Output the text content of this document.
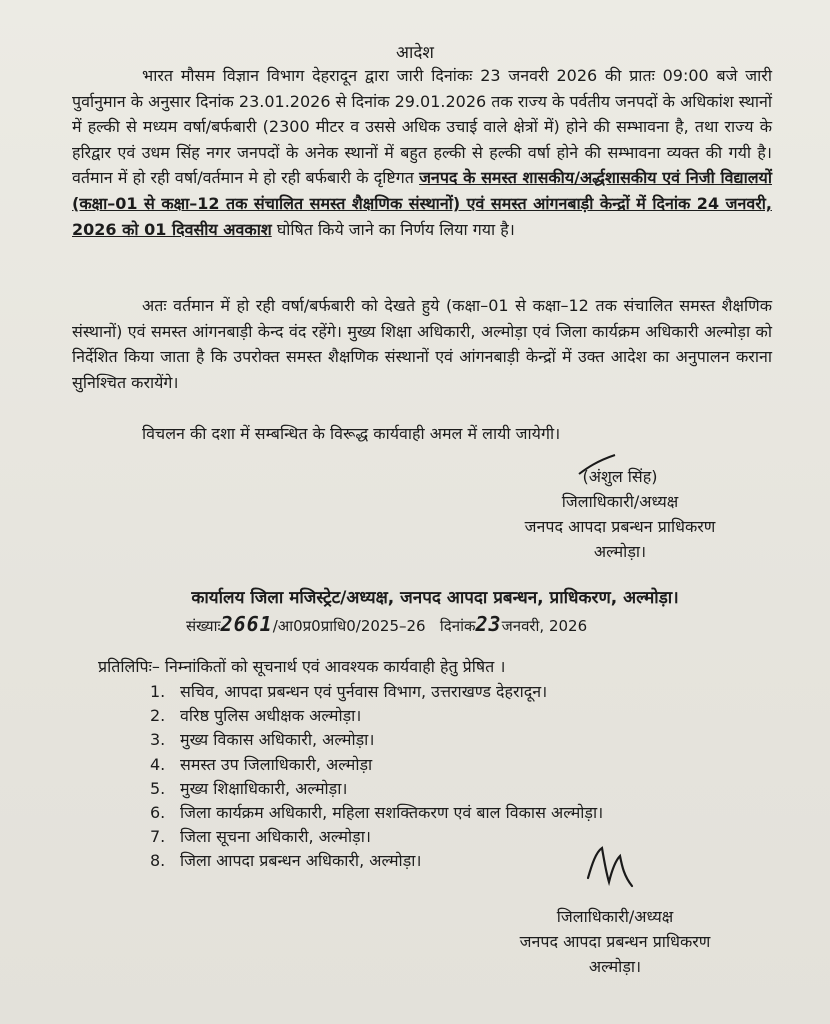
आदेश
भारत मौसम विज्ञान विभाग देहरादून द्वारा जारी दिनांकः 23 जनवरी 2026 की प्रातः 09:00 बजे जारी पुर्वानुमान के अनुसार दिनांक 23.01.2026 से दिनांक 29.01.2026 तक राज्य के पर्वतीय जनपदों के अधिकांश स्थानों में हल्की से मध्यम वर्षा/बर्फबारी (2300 मीटर व उससे अधिक उचाई वाले क्षेत्रों में) होने की सम्भावना है, तथा राज्य के हरिद्वार एवं उधम सिंह नगर जनपदों के अनेक स्थानों में बहुत हल्की से हल्की वर्षा होने की सम्भावना व्यक्त की गयी है। वर्तमान में हो रही वर्षा/वर्तमान मे हो रही बर्फबारी के दृष्टिगत जनपद के समस्त शासकीय/अर्द्धशासकीय एवं निजी विद्यालयों (कक्षा–01 से कक्षा–12 तक संचालित समस्त शैक्षणिक संस्थानों) एवं समस्त आंगनबाड़ी केन्द्रों में दिनांक 24 जनवरी, 2026 को 01 दिवसीय अवकाश घोषित किये जाने का निर्णय लिया गया है।
अतः वर्तमान में हो रही वर्षा/बर्फबारी को देखते हुये (कक्षा–01 से कक्षा–12 तक संचालित समस्त शैक्षणिक संस्थानों) एवं समस्त आंगनबाड़ी केन्द वंद रहेंगे। मुख्य शिक्षा अधिकारी, अल्मोड़ा एवं जिला कार्यक्रम अधिकारी अल्मोड़ा को निर्देशित किया जाता है कि उपरोक्त समस्त शैक्षणिक संस्थानों एवं आंगनबाड़ी केन्द्रों में उक्त आदेश का अनुपालन कराना सुनिश्चित करायेंगे।
विचलन की दशा में सम्बन्धित के विरूद्ध कार्यवाही अमल में लायी जायेगी।
(अंशुल सिंह)
जिलाधिकारी/अध्यक्ष
जनपद आपदा प्रबन्धन प्राधिकरण
अल्मोड़ा।
कार्यालय जिला मजिस्ट्रेट/अध्यक्ष, जनपद आपदा प्रबन्धन, प्राधिकरण, अल्मोड़ा।
संख्याः2661/आ0प्र0प्राधि0/2025–26 दिनांक23जनवरी, 2026
प्रतिलिपिः– निम्नांकितों को सूचनार्थ एवं आवश्यक कार्यवाही हेतु प्रेषित ।
1. सचिव, आपदा प्रबन्धन एवं पुर्नवास विभाग, उत्तराखण्ड देहरादून।
2. वरिष्ठ पुलिस अधीक्षक अल्मोड़ा।
3. मुख्य विकास अधिकारी, अल्मोड़ा।
4. समस्त उप जिलाधिकारी, अल्मोड़ा
5. मुख्य शिक्षाधिकारी, अल्मोड़ा।
6. जिला कार्यक्रम अधिकारी, महिला सशक्तिकरण एवं बाल विकास अल्मोड़ा।
7. जिला सूचना अधिकारी, अल्मोड़ा।
8. जिला आपदा प्रबन्धन अधिकारी, अल्मोड़ा।
जिलाधिकारी/अध्यक्ष
जनपद आपदा प्रबन्धन प्राधिकरण
अल्मोड़ा।
